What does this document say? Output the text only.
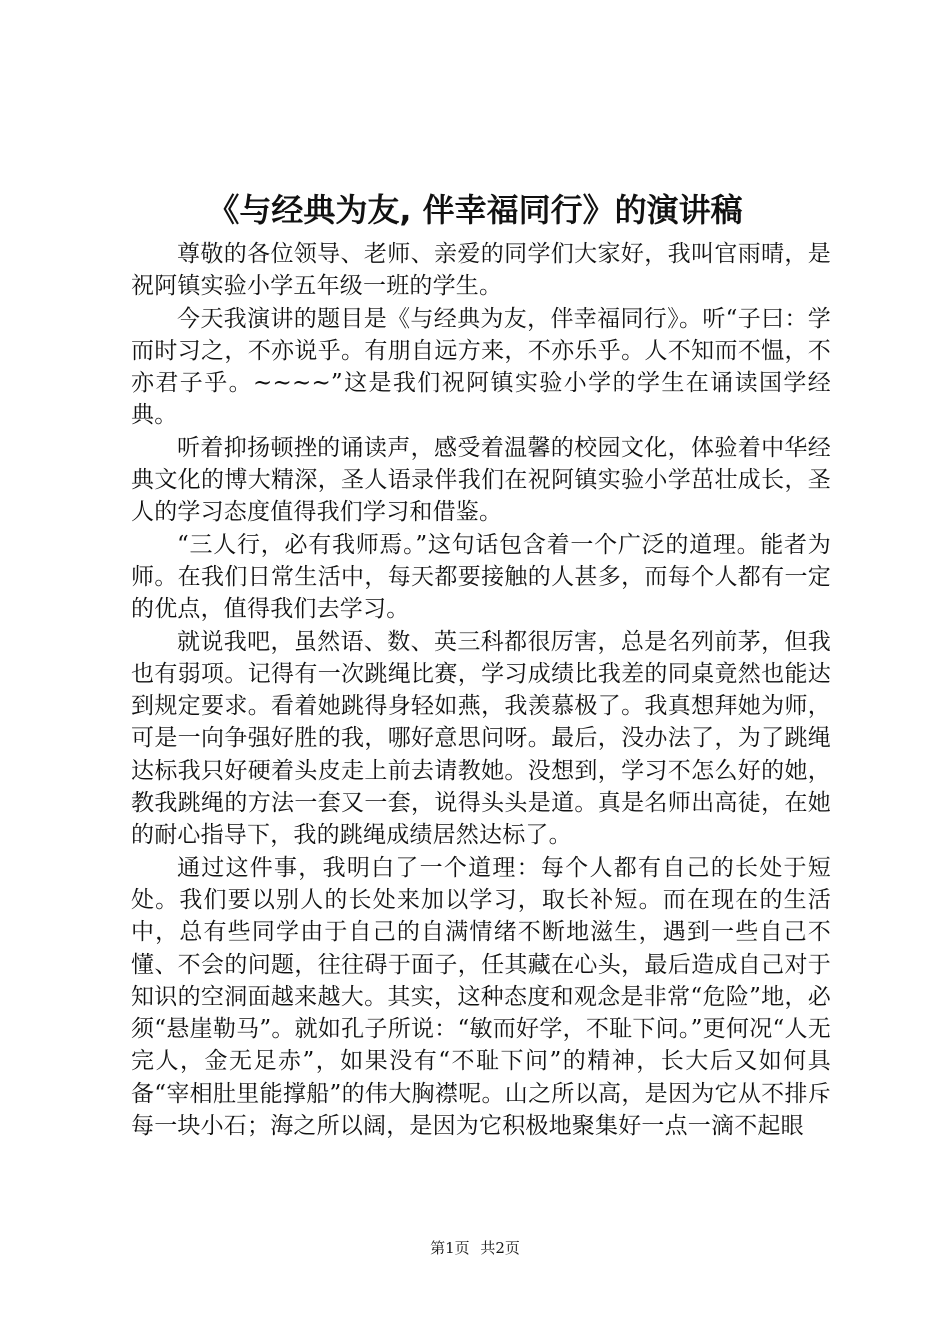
《与经典为友, 伴幸福同行》的演讲稿

尊敬的各位领导、老师、亲爱的同学们大家好，我叫官雨晴，是祝阿镇实验小学五年级一班的学生。

今天我演讲的题目是《与经典为友，伴幸福同行》。听“子曰：学而时习之，不亦说乎。有朋自远方来，不亦乐乎。人不知而不愠，不亦君子乎。~~~~”这是我们祝阿镇实验小学的学生在诵读国学经典。

听着抑扬顿挫的诵读声，感受着温馨的校园文化，体验着中华经典文化的博大精深，圣人语录伴我们在祝阿镇实验小学茁壮成长，圣人的学习态度值得我们学习和借鉴。

“三人行，必有我师焉。”这句话包含着一个广泛的道理。能者为师。在我们日常生活中，每天都要接触的人甚多，而每个人都有一定的优点，值得我们去学习。

就说我吧，虽然语、数、英三科都很厉害，总是名列前茅，但我也有弱项。记得有一次跳绳比赛，学习成绩比我差的同桌竟然也能达到规定要求。看着她跳得身轻如燕，我羡慕极了。我真想拜她为师，可是一向争强好胜的我，哪好意思问呀。最后，没办法了，为了跳绳达标我只好硬着头皮走上前去请教她。没想到，学习不怎么好的她，教我跳绳的方法一套又一套，说得头头是道。真是名师出高徒，在她的耐心指导下，我的跳绳成绩居然达标了。

通过这件事，我明白了一个道理：每个人都有自己的长处于短处。我们要以别人的长处来加以学习，取长补短。而在现在的生活中，总有些同学由于自己的自满情绪不断地滋生，遇到一些自己不懂、不会的问题，往往碍于面子，任其藏在心头，最后造成自己对于知识的空洞面越来越大。其实，这种态度和观念是非常“危险”地，必须“悬崖勒马”。就如孔子所说：“敏而好学，不耻下问。”更何况“人无完人，金无足赤”，如果没有“不耻下问”的精神，长大后又如何具备“宰相肚里能撑船”的伟大胸襟呢。山之所以高，是因为它从不排斥每一块小石；海之所以阔，是因为它积极地聚集好一点一滴不起眼

第1页 共2页
